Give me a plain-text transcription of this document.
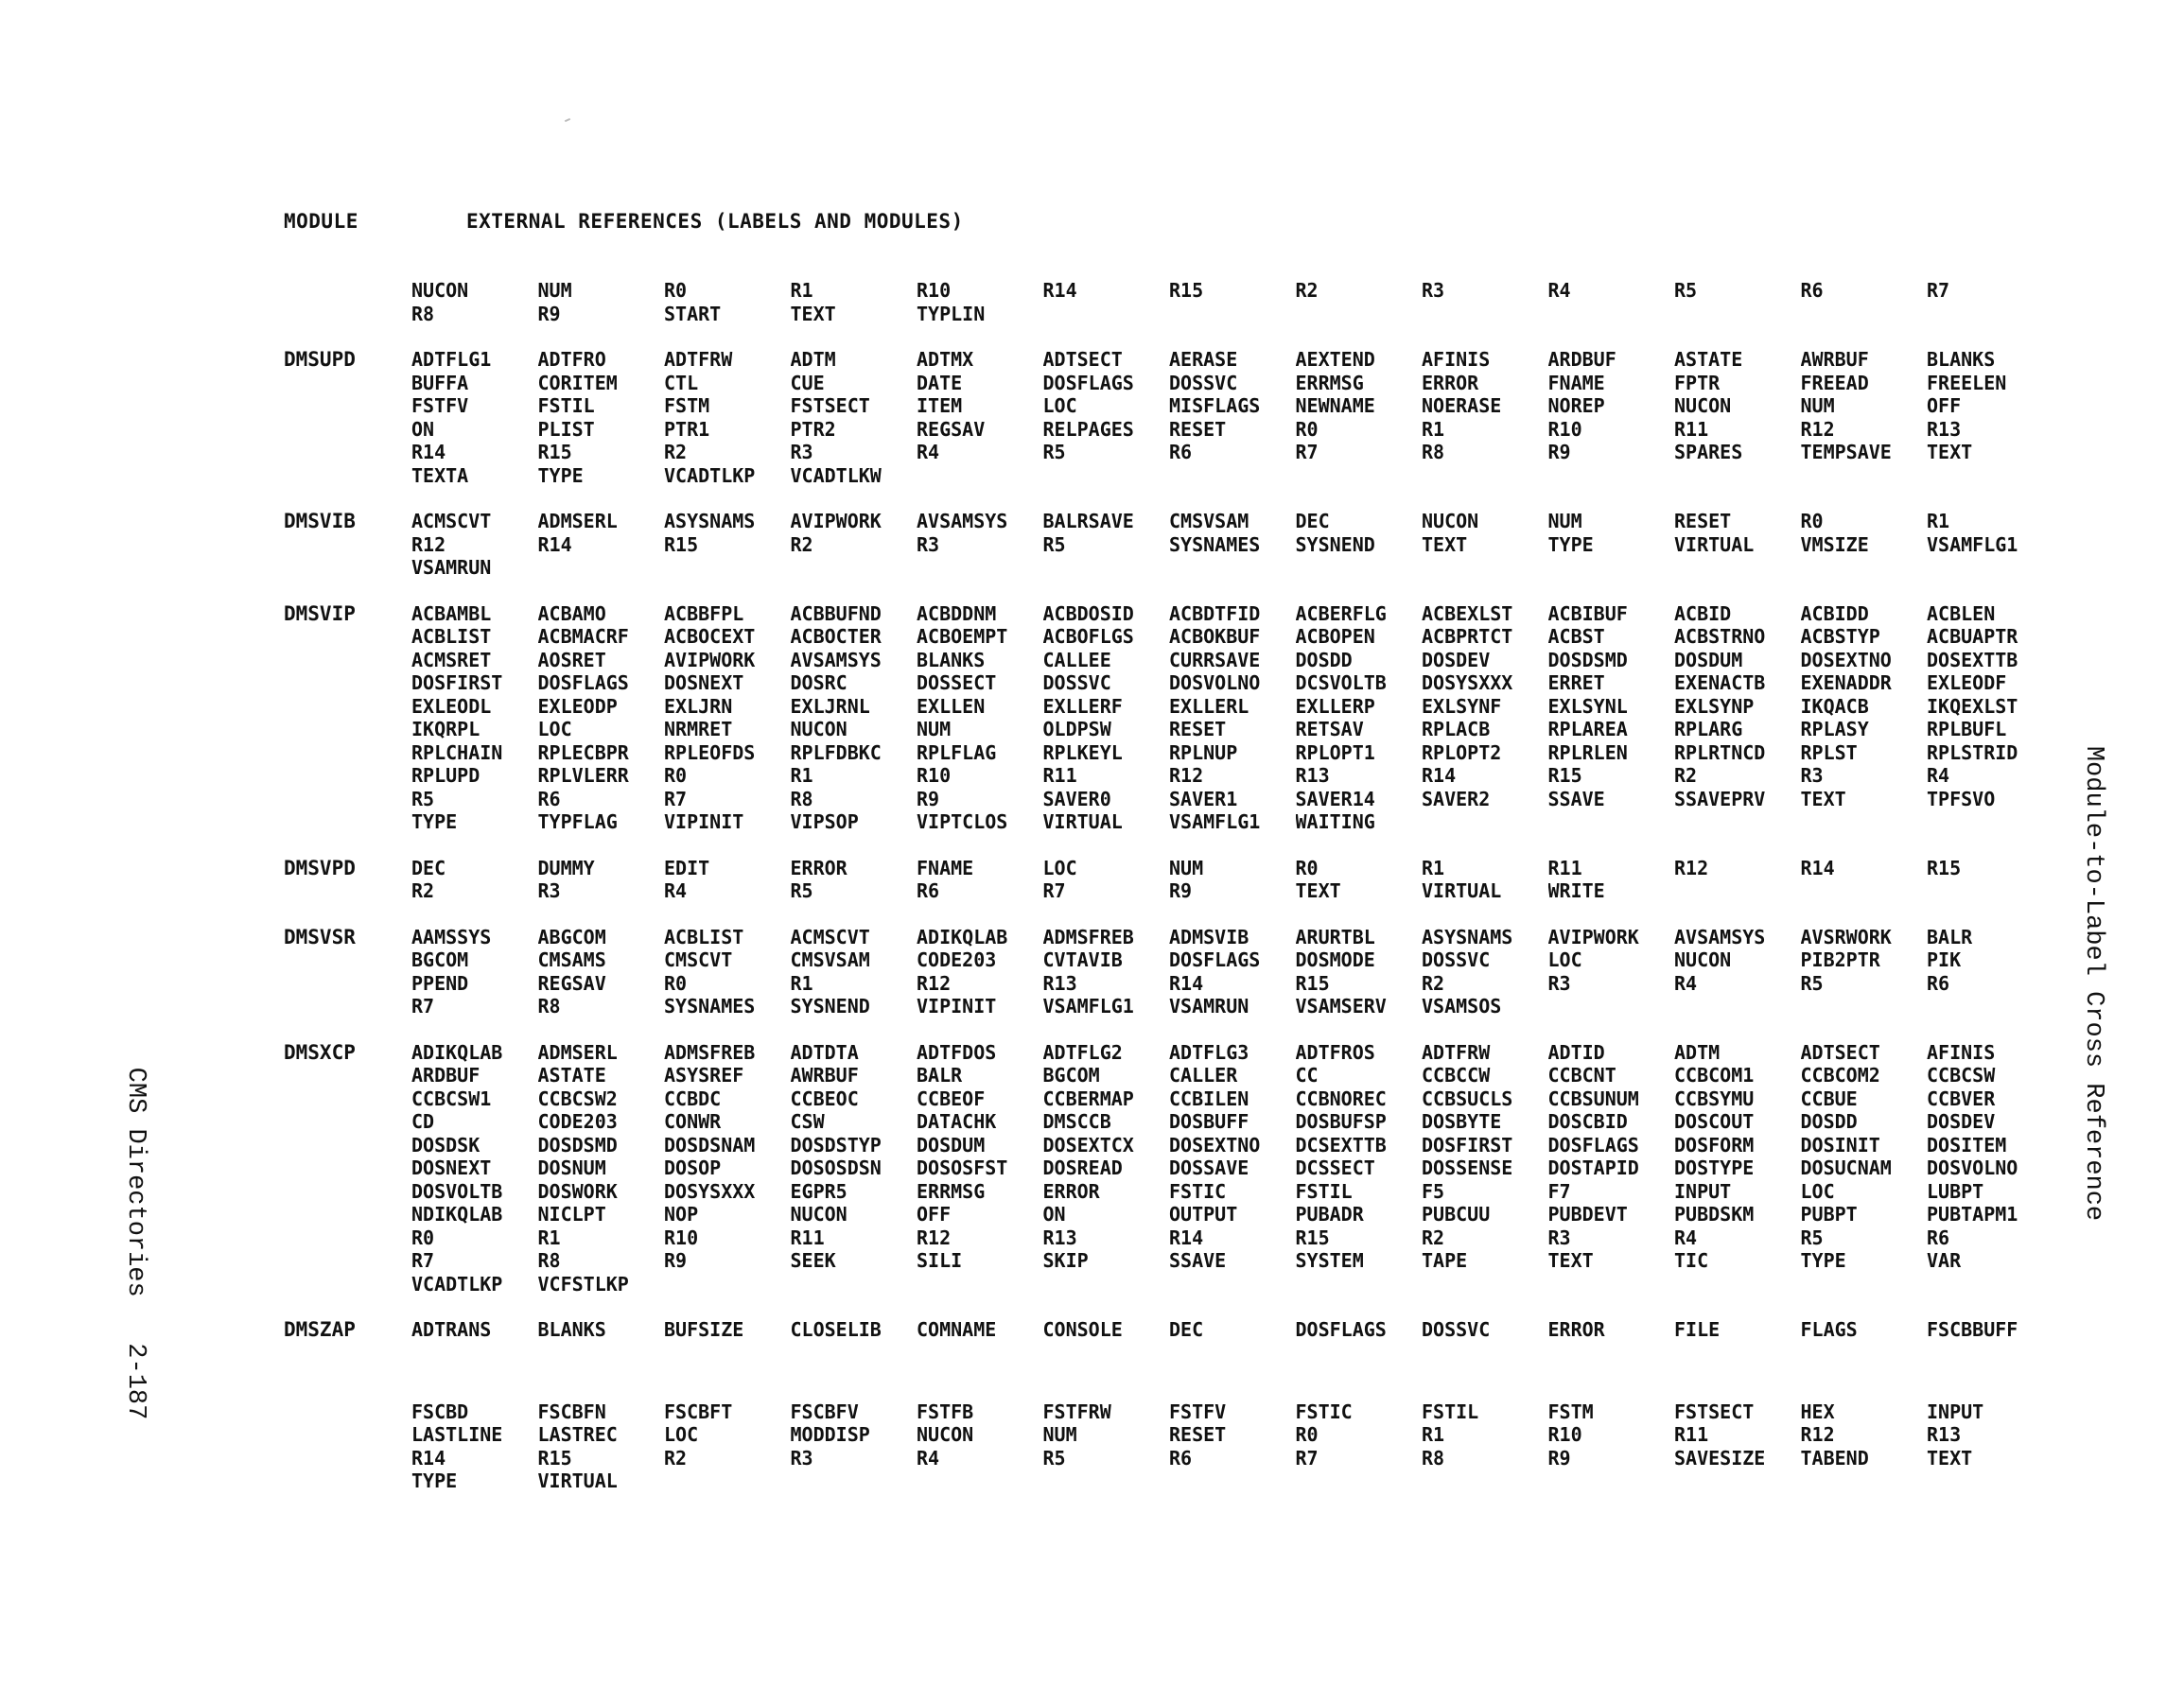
MODULE	EXTERNAL REFERENCES (LABELS AND MODULES)
NUCON	NUM	R0	R1	R10	R14	R15	R2	R3	R4	R5	R6	R7
R8	R9	START	TEXT	TYPLIN
DMSUPD	ADTFLG1	ADTFRO	ADTFRW	ADTM	ADTMX	ADTSECT	AERASE	AEXTEND	AFINIS	ARDBUF	ASTATE	AWRBUF	BLANKS
BUFFA	CORITEM	CTL	CUE	DATE	DOSFLAGS	DOSSVC	ERRMSG	ERROR	FNAME	FPTR	FREEAD	FREELEN
FSTFV	FSTIL	FSTM	FSTSECT	ITEM	LOC	MISFLAGS	NEWNAME	NOERASE	NOREP	NUCON	NUM	OFF
ON	PLIST	PTR1	PTR2	REGSAV	RELPAGES	RESET	R0	R1	R10	R11	R12	R13
R14	R15	R2	R3	R4	R5	R6	R7	R8	R9	SPARES	TEMPSAVE	TEXT
TEXTA	TYPE	VCADTLKP	VCADTLKW
DMSVIB	ACMSCVT	ADMSERL	ASYSNAMS	AVIPWORK	AVSAMSYS	BALRSAVE	CMSVSAM	DEC	NUCON	NUM	RESET	R0	R1
R12	R14	R15	R2	R3	R5	SYSNAMES	SYSNEND	TEXT	TYPE	VIRTUAL	VMSIZE	VSAMFLG1
VSAMRUN
DMSVIP	ACBAMBL	ACBAMO	ACBBFPL	ACBBUFND	ACBDDNM	ACBDOSID	ACBDTFID	ACBERFLG	ACBEXLST	ACBIBUF	ACBID	ACBIDD	ACBLEN
ACBLIST	ACBMACRF	ACBOCEXT	ACBOCTER	ACBOEMPT	ACBOFLGS	ACBOKBUF	ACBOPEN	ACBPRTCT	ACBST	ACBSTRNO	ACBSTYP	ACBUAPTR
ACMSRET	AOSRET	AVIPWORK	AVSAMSYS	BLANKS	CALLEE	CURRSAVE	DOSDD	DOSDEV	DOSDSMD	DOSDUM	DOSEXTNO	DOSEXTTB
DOSFIRST	DOSFLAGS	DOSNEXT	DOSRC	DOSSECT	DOSSVC	DOSVOLNO	DCSVOLTB	DOSYSXXX	ERRET	EXENACTB	EXENADDR	EXLEODF
EXLEODL	EXLEODP	EXLJRN	EXLJRNL	EXLLEN	EXLLERF	EXLLERL	EXLLERP	EXLSYNF	EXLSYNL	EXLSYNP	IKQACB	IKQEXLST
IKQRPL	LOC	NRMRET	NUCON	NUM	OLDPSW	RESET	RETSAV	RPLACB	RPLAREA	RPLARG	RPLASY	RPLBUFL
RPLCHAIN	RPLECBPR	RPLEOFDS	RPLFDBKC	RPLFLAG	RPLKEYL	RPLNUP	RPLOPT1	RPLOPT2	RPLRLEN	RPLRTNCD	RPLST	RPLSTRID
RPLUPD	RPLVLERR	R0	R1	R10	R11	R12	R13	R14	R15	R2	R3	R4
R5	R6	R7	R8	R9	SAVER0	SAVER1	SAVER14	SAVER2	SSAVE	SSAVEPRV	TEXT	TPFSVO
TYPE	TYPFLAG	VIPINIT	VIPSOP	VIPTCLOS	VIRTUAL	VSAMFLG1	WAITING
DMSVPD	DEC	DUMMY	EDIT	ERROR	FNAME	LOC	NUM	R0	R1	R11	R12	R14	R15
R2	R3	R4	R5	R6	R7	R9	TEXT	VIRTUAL	WRITE
DMSVSR	AAMSSYS	ABGCOM	ACBLIST	ACMSCVT	ADIKQLAB	ADMSFREB	ADMSVIB	ARURTBL	ASYSNAMS	AVIPWORK	AVSAMSYS	AVSRWORK	BALR
BGCOM	CMSAMS	CMSCVT	CMSVSAM	CODE203	CVTAVIB	DOSFLAGS	DOSMODE	DOSSVC	LOC	NUCON	PIB2PTR	PIK
PPEND	REGSAV	R0	R1	R12	R13	R14	R15	R2	R3	R4	R5	R6
R7	R8	SYSNAMES	SYSNEND	VIPINIT	VSAMFLG1	VSAMRUN	VSAMSERV	VSAMSOS
DMSXCP	ADIKQLAB	ADMSERL	ADMSFREB	ADTDTA	ADTFDOS	ADTFLG2	ADTFLG3	ADTFROS	ADTFRW	ADTID	ADTM	ADTSECT	AFINIS
ARDBUF	ASTATE	ASYSREF	AWRBUF	BALR	BGCOM	CALLER	CC	CCBCCW	CCBCNT	CCBCOM1	CCBCOM2	CCBCSW
CCBCSW1	CCBCSW2	CCBDC	CCBEOC	CCBEOF	CCBERMAP	CCBILEN	CCBNOREC	CCBSUCLS	CCBSUNUM	CCBSYMU	CCBUE	CCBVER
CD	CODE203	CONWR	CSW	DATACHK	DMSCCB	DOSBUFF	DOSBUFSP	DOSBYTE	DOSCBID	DOSCOUT	DOSDD	DOSDEV
DOSDSK	DOSDSMD	DOSDSNAM	DOSDSTYP	DOSDUM	DOSEXTCX	DOSEXTNO	DCSEXTTB	DOSFIRST	DOSFLAGS	DOSFORM	DOSINIT	DOSITEM
DOSNEXT	DOSNUM	DOSOP	DOSOSDSN	DOSOSFST	DOSREAD	DOSSAVE	DCSSECT	DOSSENSE	DOSTAPID	DOSTYPE	DOSUCNAM	DOSVOLNO
DOSVOLTB	DOSWORK	DOSYSXXX	EGPR5	ERRMSG	ERROR	FSTIC	FSTIL	F5	F7	INPUT	LOC	LUBPT
NDIKQLAB	NICLPT	NOP	NUCON	OFF	ON	OUTPUT	PUBADR	PUBCUU	PUBDEVT	PUBDSKM	PUBPT	PUBTAPM1
R0	R1	R10	R11	R12	R13	R14	R15	R2	R3	R4	R5	R6
R7	R8	R9	SEEK	SILI	SKIP	SSAVE	SYSTEM	TAPE	TEXT	TIC	TYPE	VAR
VCADTLKP	VCFSTLKP
DMSZAP	ADTRANS	BLANKS	BUFSIZE	CLOSELIB	COMNAME	CONSOLE	DEC	DOSFLAGS	DOSSVC	ERROR	FILE	FLAGS	FSCBBUFF
FSCBD	FSCBFN	FSCBFT	FSCBFV	FSTFB	FSTFRW	FSTFV	FSTIC	FSTIL	FSTM	FSTSECT	HEX	INPUT
LASTLINE	LASTREC	LOC	MODDISP	NUCON	NUM	RESET	R0	R1	R10	R11	R12	R13
R14	R15	R2	R3	R4	R5	R6	R7	R8	R9	SAVESIZE	TABEND	TEXT
TYPE	VIRTUAL
CMS Directories   2-187
Module-to-Label Cross Reference
